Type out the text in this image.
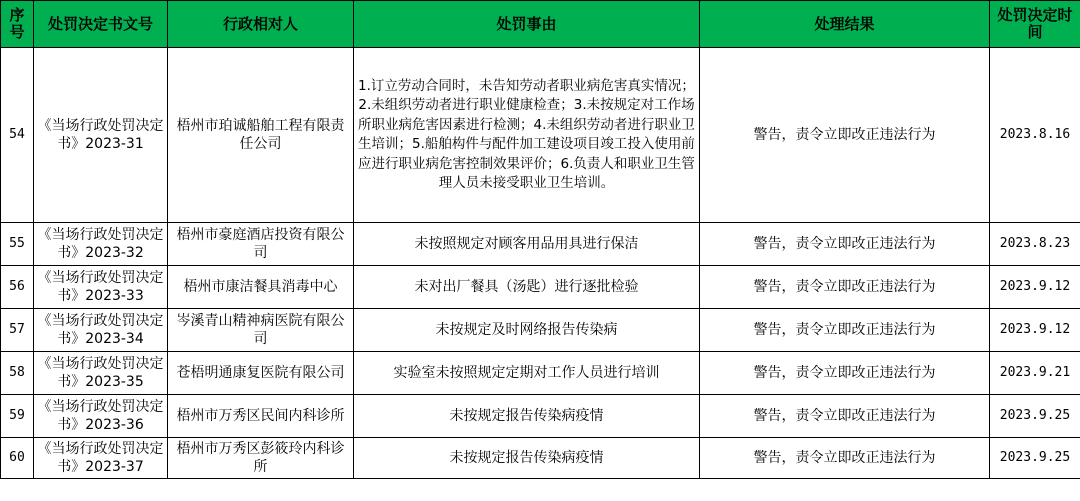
序号	处罚决定书文号	行政相对人	处罚事由	处理结果	处罚决定时间
54	《当场行政处罚决定书》2023-31	梧州市珀诚船舶工程有限责任公司	1.订立劳动合同时，未告知劳动者职业病危害真实情况；2.未组织劳动者进行职业健康检查；3.未按规定对工作场所职业病危害因素进行检测；4.未组织劳动者进行职业卫生培训；5.船舶构件与配件加工建设项目竣工投入使用前应进行职业病危害控制效果评价；6.负责人和职业卫生管理人员未接受职业卫生培训。	警告，责令立即改正违法行为	2023.8.16
55	《当场行政处罚决定书》2023-32	梧州市豪庭酒店投资有限公司	未按照规定对顾客用品用具进行保洁	警告，责令立即改正违法行为	2023.8.23
56	《当场行政处罚决定书》2023-33	梧州市康洁餐具消毒中心	未对出厂餐具（汤匙）进行逐批检验	警告，责令立即改正违法行为	2023.9.12
57	《当场行政处罚决定书》2023-34	岑溪青山精神病医院有限公司	未按规定及时网络报告传染病	警告，责令立即改正违法行为	2023.9.12
58	《当场行政处罚决定书》2023-35	苍梧明通康复医院有限公司	实验室未按照规定定期对工作人员进行培训	警告，责令立即改正违法行为	2023.9.21
59	《当场行政处罚决定书》2023-36	梧州市万秀区民间内科诊所	未按规定报告传染病疫情	警告，责令立即改正违法行为	2023.9.25
60	《当场行政处罚决定书》2023-37	梧州市万秀区彭筱玲内科诊所	未按规定报告传染病疫情	警告，责令立即改正违法行为	2023.9.25
